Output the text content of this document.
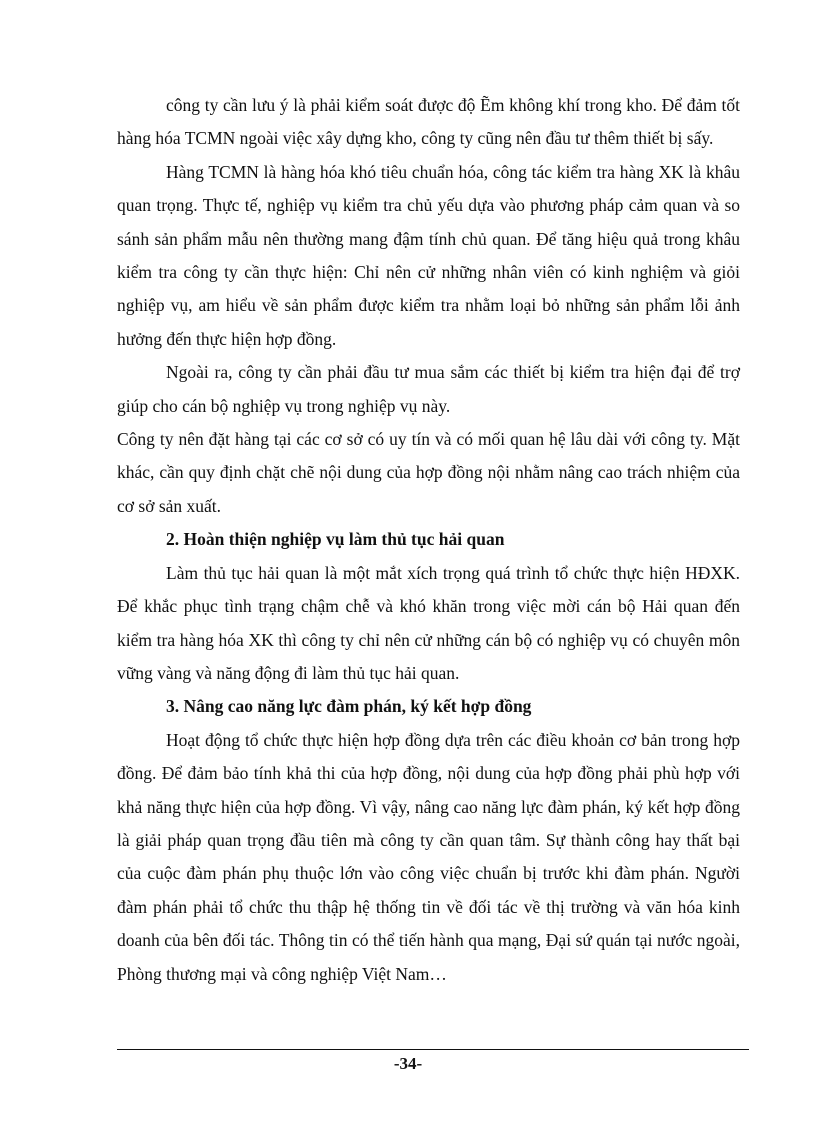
công ty cần lưu ý là phải kiểm soát được độ Ẽm không khí trong kho. Để đảm tốt hàng hóa TCMN ngoài việc xây dựng kho, công ty cũng nên đầu tư thêm thiết bị sấy.

Hàng TCMN là hàng hóa khó tiêu chuẩn hóa, công tác kiểm tra hàng XK là khâu quan trọng. Thực tế, nghiệp vụ kiểm tra chủ yếu dựa vào phương pháp cảm quan và so sánh sản phẩm mẫu nên thường mang đậm tính chủ quan. Để tăng hiệu quả trong khâu kiểm tra công ty cần thực hiện: Chỉ nên cử những nhân viên có kinh nghiệm và giỏi nghiệp vụ, am hiểu về sản phẩm được kiểm tra nhằm loại bỏ những sản phẩm lỗi ảnh hưởng đến thực hiện hợp đồng.

Ngoài ra, công ty cần phải đầu tư mua sắm các thiết bị kiểm tra hiện đại để trợ giúp cho cán bộ nghiệp vụ trong nghiệp vụ này.

Công ty nên đặt hàng tại các cơ sở có uy tín và có mối quan hệ lâu dài với công ty. Mặt khác, cần quy định chặt chẽ nội dung của hợp đồng nội nhằm nâng cao trách nhiệm của cơ sở sản xuất.

2. Hoàn thiện nghiệp vụ làm thủ tục hải quan

Làm thủ tục hải quan là một mắt xích trọng quá trình tổ chức thực hiện HĐXK. Để khắc phục tình trạng chậm chễ và khó khăn trong việc mời cán bộ Hải quan đến kiểm tra hàng hóa XK thì công ty chỉ nên cử những cán bộ có nghiệp vụ có chuyên môn vững vàng và năng động đi làm thủ tục hải quan.

3. Nâng cao năng lực đàm phán, ký kết hợp đồng

Hoạt động tổ chức thực hiện hợp đồng dựa trên các điều khoản cơ bản trong hợp đồng. Để đảm bảo tính khả thi của hợp đồng, nội dung của hợp đồng phải phù hợp với khả năng thực hiện của hợp đồng. Vì vậy, nâng cao năng lực đàm phán, ký kết hợp đồng là giải pháp quan trọng đầu tiên mà công ty cần quan tâm. Sự thành công hay thất bại của cuộc đàm phán phụ thuộc lớn vào công việc chuẩn bị trước khi đàm phán. Người đàm phán phải tổ chức thu thập hệ thống tin về đối tác về thị trường và văn hóa kinh doanh của bên đối tác. Thông tin có thể tiến hành qua mạng, Đại sứ quán tại nước ngoài, Phòng thương mại và công nghiệp Việt Nam…

-34-
